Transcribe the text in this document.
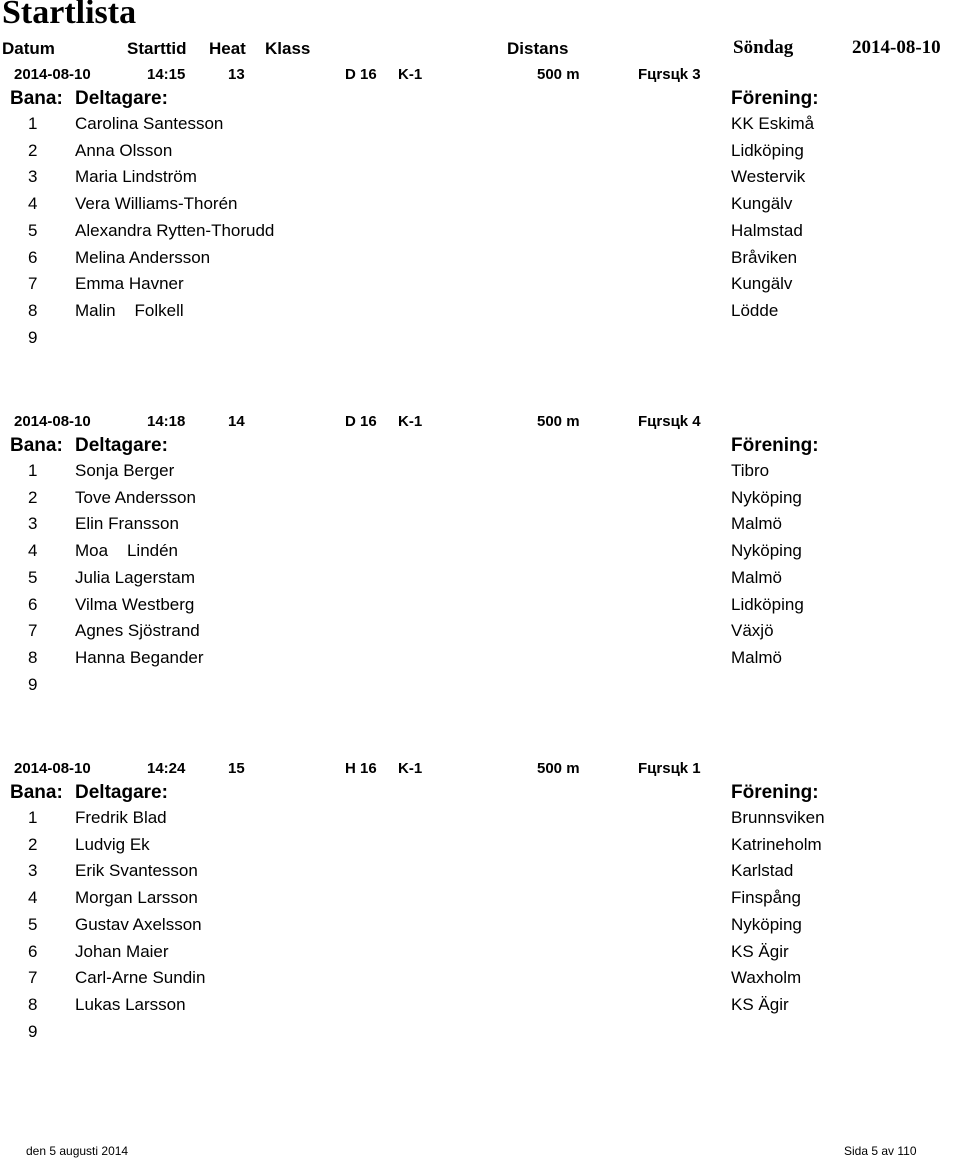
Startlista
Datum	Starttid Heat Klass	Distans	Söndag	2014-08-10
2014-08-10	14:15	13	D 16 K-1	500 m	Fцrsцk 3
Bana: Deltagare:	Förening:
1 Carolina Santesson	KK Eskimå
2 Anna Olsson	Lidköping
3 Maria Lindström	Westervik
4 Vera Williams-Thorén	Kungälv
5 Alexandra Rytten-Thorudd	Halmstad
6 Melina Andersson	Bråviken
7 Emma Havner	Kungälv
8 Malin    Folkell	Lödde
9
2014-08-10	14:18	14	D 16 K-1	500 m	Fцrsцk 4
Bana: Deltagare:	Förening:
1 Sonja Berger	Tibro
2 Tove Andersson	Nyköping
3 Elin Fransson	Malmö
4 Moa    Lindén	Nyköping
5 Julia Lagerstam	Malmö
6 Vilma Westberg	Lidköping
7 Agnes Sjöstrand	Växjö
8 Hanna Begander	Malmö
9
2014-08-10	14:24	15	H 16 K-1	500 m	Fцrsцk 1
Bana: Deltagare:	Förening:
1 Fredrik Blad	Brunnsviken
2 Ludvig Ek	Katrineholm
3 Erik Svantesson	Karlstad
4 Morgan Larsson	Finspång
5 Gustav Axelsson	Nyköping
6 Johan Maier	KS Ägir
7 Carl-Arne Sundin	Waxholm
8 Lukas Larsson	KS Ägir
9
den 5 augusti 2014	Sida 5 av 110
